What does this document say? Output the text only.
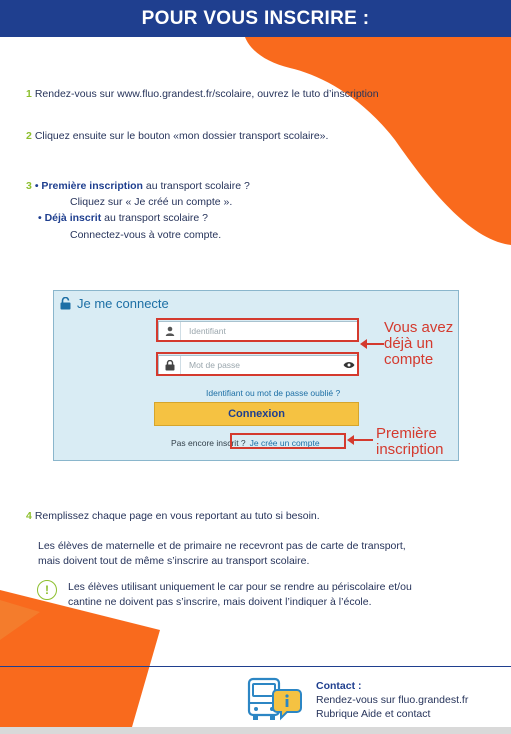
POUR VOUS INSCRIRE :
1 Rendez-vous sur www.fluo.grandest.fr/scolaire, ouvrez le tuto d’inscription
2 Cliquez ensuite sur le bouton «mon dossier transport scolaire».
3 • Première inscription au transport scolaire ?
Cliquez sur « Je créé un compte ».
• Déjà inscrit au transport scolaire ?
Connectez-vous à votre compte.
Je me connecte
Identifiant
Mot de passe
Identifiant ou mot de passe oublié ?
Connexion
Pas encore inscrit ? Je crée un compte
Vous avez
déjà un
compte
Première
inscription
4 Remplissez chaque page en vous reportant au tuto si besoin.
Les élèves de maternelle et de primaire ne recevront pas de carte de transport,
mais doivent tout de même s’inscrire au transport scolaire.
!	Les élèves utilisant uniquement le car pour se rendre au périscolaire et/ou
cantine ne doivent pas s’inscrire, mais doivent l’indiquer à l’école.
Contact :
Rendez-vous sur fluo.grandest.fr
Rubrique Aide et contact
